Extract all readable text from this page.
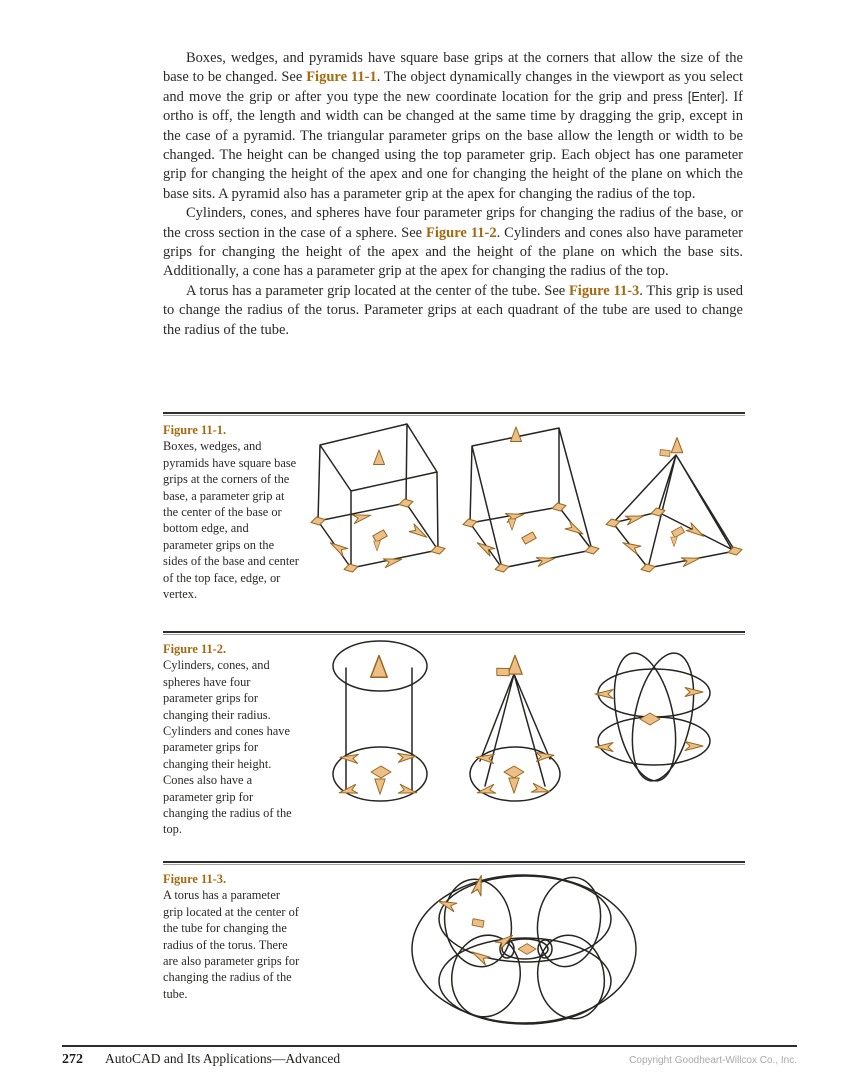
Boxes, wedges, and pyramids have square base grips at the corners that allow the size of the base to be changed. See Figure 11-1. The object dynamically changes in the viewport as you select and move the grip or after you type the new coordinate location for the grip and press [Enter]. If ortho is off, the length and width can be changed at the same time by dragging the grip, except in the case of a pyramid. The triangular parameter grips on the base allow the length or width to be changed. The height can be changed using the top parameter grip. Each object has one parameter grip for changing the height of the apex and one for changing the height of the plane on which the base sits. A pyramid also has a parameter grip at the apex for changing the radius of the top.

Cylinders, cones, and spheres have four parameter grips for changing the radius of the base, or the cross section in the case of a sphere. See Figure 11-2. Cylinders and cones also have parameter grips for changing the height of the apex and the height of the plane on which the base sits. Additionally, a cone has a parameter grip at the apex for changing the radius of the top.

A torus has a parameter grip located at the center of the tube. See Figure 11-3. This grip is used to change the radius of the torus. Parameter grips at each quadrant of the tube are used to change the radius of the tube.

Figure 11-1.
Boxes, wedges, and pyramids have square base grips at the corners of the base, a parameter grip at the center of the base or bottom edge, and parameter grips on the sides of the base and center of the top face, edge, or vertex.
Figure 11-2.
Cylinders, cones, and spheres have four parameter grips for changing their radius. Cylinders and cones have parameter grips for changing their height. Cones also have a parameter grip for changing the radius of the top.
Figure 11-3.
A torus has a parameter grip located at the center of the tube for changing the radius of the torus. There are also parameter grips for changing the radius of the tube.
272 AutoCAD and Its Applications—Advanced	Copyright Goodheart-Willcox Co., Inc.
